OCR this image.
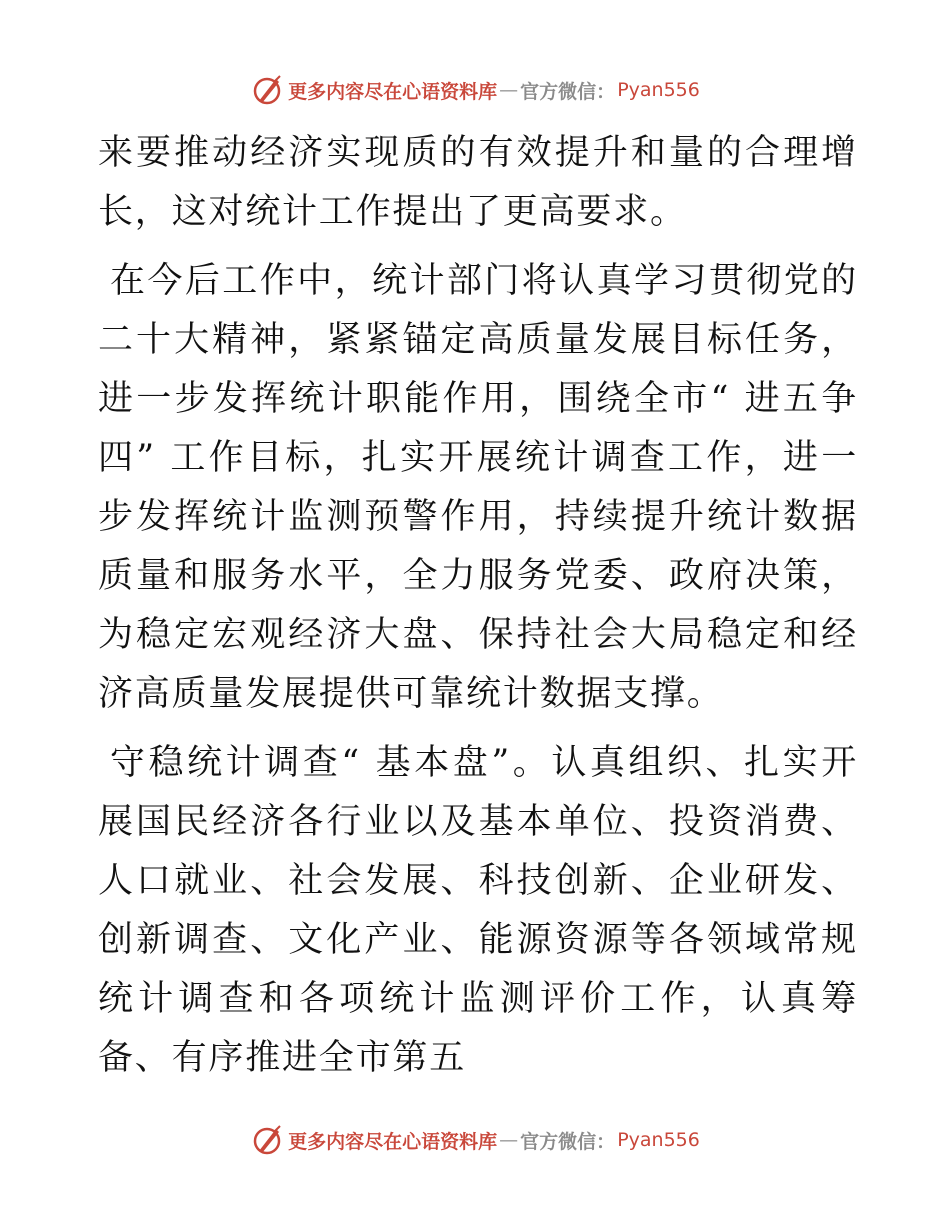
更多内容尽在心语资料库 — 官方微信： Pyan556

来要推动经济实现质的有效提升和量的合理增长，这对统计工作提出了更高要求。

在今后工作中，统计部门将认真学习贯彻党的二十大精神，紧紧锚定高质量发展目标任务，进一步发挥统计职能作用，围绕全市“ 进五争四” 工作目标，扎实开展统计调查工作，进一步发挥统计监测预警作用，持续提升统计数据质量和服务水平，全力服务党委、政府决策，为稳定宏观经济大盘、保持社会大局稳定和经济高质量发展提供可靠统计数据支撑。

守稳统计调查“ 基本盘”。认真组织、扎实开展国民经济各行业以及基本单位、投资消费、人口就业、社会发展、科技创新、企业研发、创新调查、文化产业、能源资源等各领域常规统计调查和各项统计监测评价工作，认真筹备、有序推进全市第五

更多内容尽在心语资料库 — 官方微信： Pyan556
